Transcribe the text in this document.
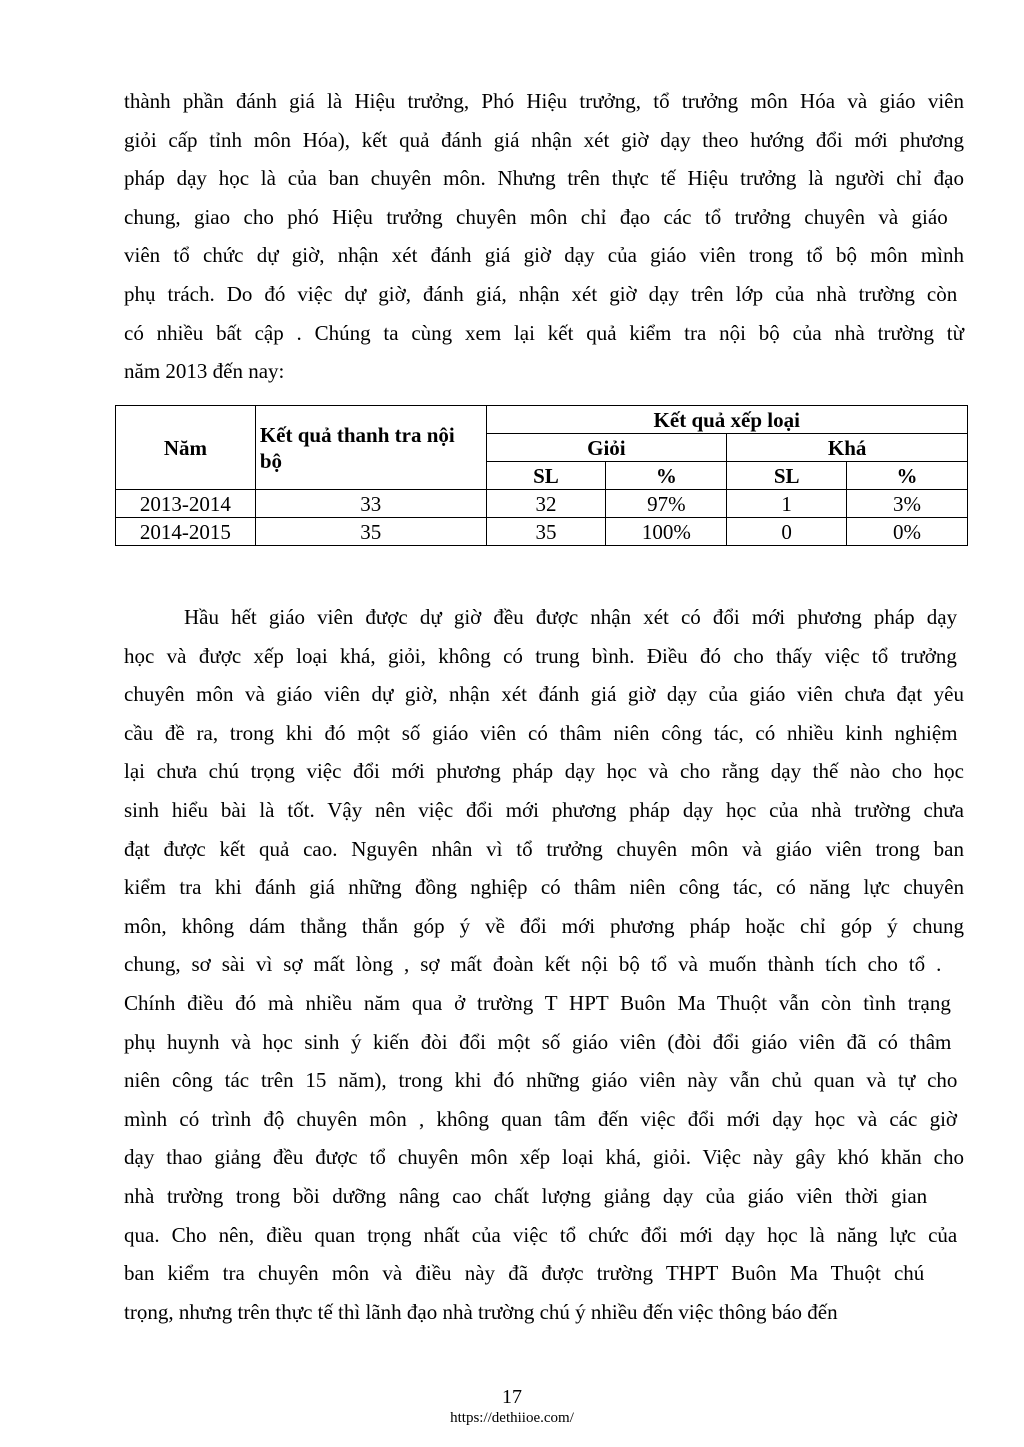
thành phần đánh giá là Hiệu trưởng, Phó Hiệu trưởng, tổ trưởng môn Hóa và giáo viên
giỏi cấp tỉnh môn Hóa), kết quả đánh giá nhận xét giờ dạy theo hướng đổi mới phương
pháp dạy học là của ban chuyên môn. Nhưng trên thực tế Hiệu trưởng là người chỉ đạo
chung, giao cho phó Hiệu trưởng chuyên môn chỉ đạo các tổ trưởng chuyên và giáo
viên tổ chức dự giờ, nhận xét đánh giá giờ dạy của giáo viên trong tổ bộ môn mình
phụ trách. Do đó việc dự giờ, đánh giá, nhận xét giờ dạy trên lớp của nhà trường còn
có nhiều bất cập . Chúng ta cùng xem lại kết quả kiểm tra nội bộ của nhà trường từ
năm 2013 đến nay:

Năm	Kết quả thanh tra nội bộ	Kết quả xếp loại			
		Giỏi		Khá	
		SL	%	SL	%
2013-2014	33	32	97%	1	3%
2014-2015	35	35	100%	0	0%

Hầu hết giáo viên được dự giờ đều được nhận xét có đổi mới phương pháp dạy
học và được xếp loại khá, giỏi, không có trung bình. Điều đó cho thấy việc tổ trưởng
chuyên môn và giáo viên dự giờ, nhận xét đánh giá giờ dạy của giáo viên chưa đạt yêu
cầu đề ra, trong khi đó một số giáo viên có thâm niên công tác, có nhiều kinh nghiệm
lại chưa chú trọng việc đổi mới phương pháp dạy học và cho rằng dạy thế nào cho học
sinh hiểu bài là tốt. Vậy nên việc đổi mới phương pháp dạy học của nhà trường chưa
đạt được kết quả cao. Nguyên nhân vì tổ trưởng chuyên môn và giáo viên trong ban
kiểm tra khi đánh giá những đồng nghiệp có thâm niên công tác, có năng lực chuyên
môn, không dám thẳng thắn góp ý về đổi mới phương pháp hoặc chỉ góp ý chung
chung, sơ sài vì sợ mất lòng , sợ mất đoàn kết nội bộ tổ và muốn thành tích cho tổ .
Chính điều đó mà nhiều năm qua ở trường T HPT Buôn Ma Thuột vẫn còn tình trạng
phụ huynh và học sinh ý kiến đòi đổi một số giáo viên (đòi đổi giáo viên đã có thâm
niên công tác trên 15 năm), trong khi đó những giáo viên này vẫn chủ quan và tự cho
mình có trình độ chuyên môn , không quan tâm đến việc đổi mới dạy học và các giờ
dạy thao giảng đều được tổ chuyên môn xếp loại khá, giỏi. Việc này gây khó khăn cho
nhà trường trong bồi dưỡng nâng cao chất lượng giảng dạy của giáo viên thời gian
qua. Cho nên, điều quan trọng nhất của việc tổ chức đổi mới dạy học là năng lực của
ban kiểm tra chuyên môn và điều này đã được trường THPT Buôn Ma Thuột chú
trọng, nhưng trên thực tế thì lãnh đạo nhà trường chú ý nhiều đến việc thông báo đến

17
https://dethiioe.com/
